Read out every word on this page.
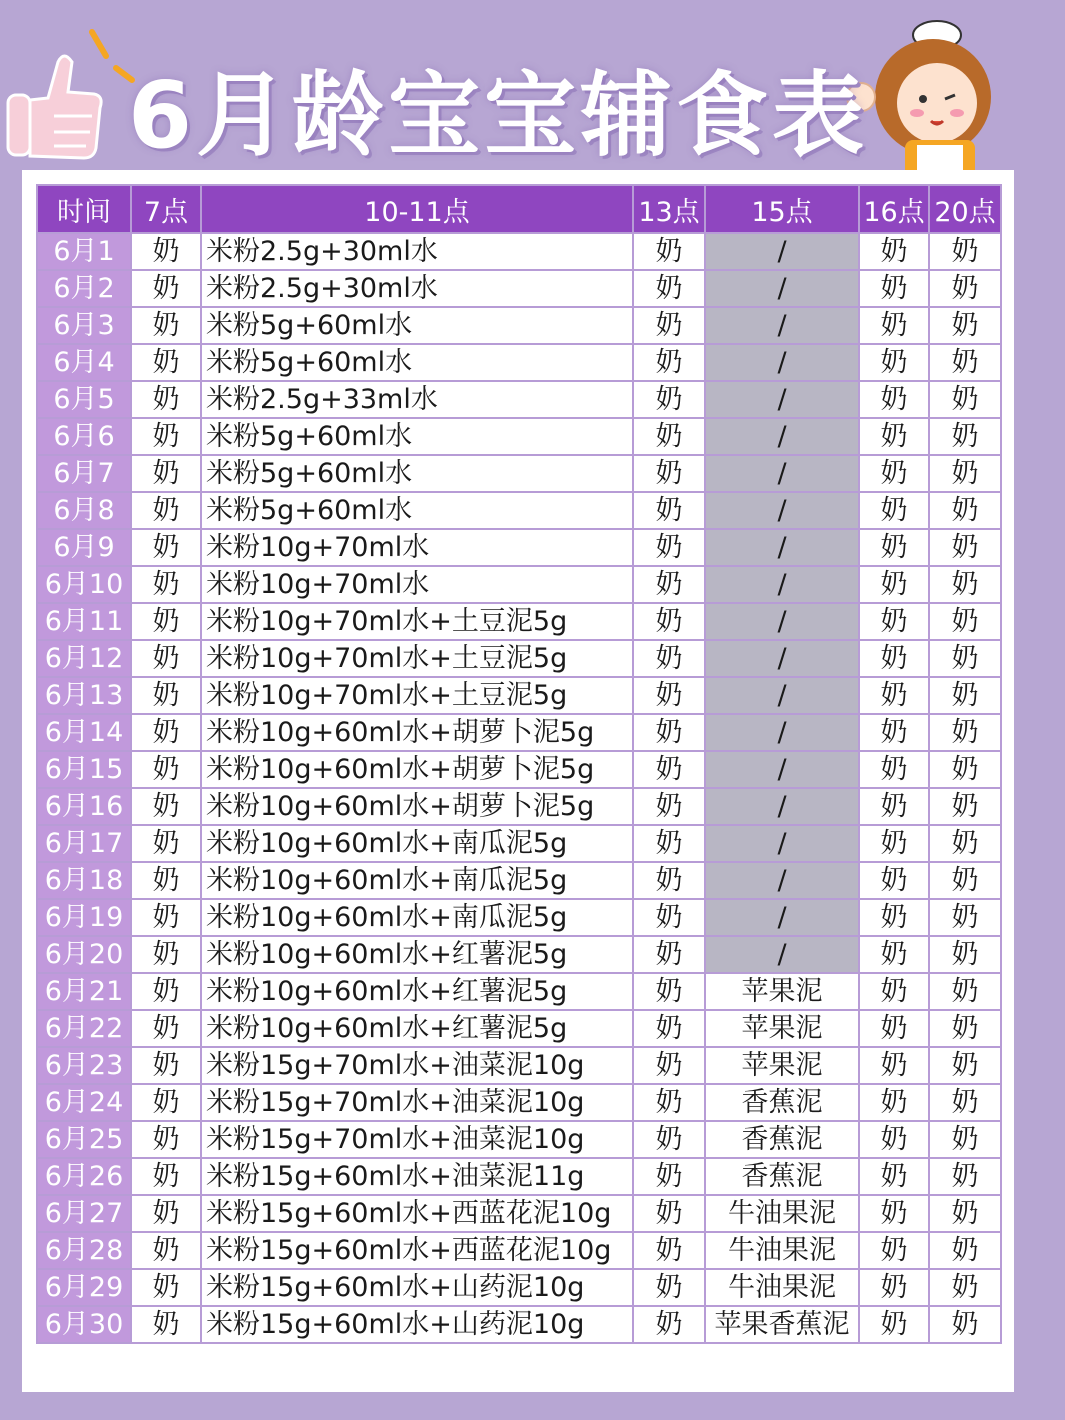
6月龄宝宝辅食表
时间	7点	10-11点	13点	15点	16点	20点
6月1	奶	米粉2.5g+30ml水	奶	/	奶	奶
6月2	奶	米粉2.5g+30ml水	奶	/	奶	奶
6月3	奶	米粉5g+60ml水	奶	/	奶	奶
6月4	奶	米粉5g+60ml水	奶	/	奶	奶
6月5	奶	米粉2.5g+33ml水	奶	/	奶	奶
6月6	奶	米粉5g+60ml水	奶	/	奶	奶
6月7	奶	米粉5g+60ml水	奶	/	奶	奶
6月8	奶	米粉5g+60ml水	奶	/	奶	奶
6月9	奶	米粉10g+70ml水	奶	/	奶	奶
6月10	奶	米粉10g+70ml水	奶	/	奶	奶
6月11	奶	米粉10g+70ml水+土豆泥5g	奶	/	奶	奶
6月12	奶	米粉10g+70ml水+土豆泥5g	奶	/	奶	奶
6月13	奶	米粉10g+70ml水+土豆泥5g	奶	/	奶	奶
6月14	奶	米粉10g+60ml水+胡萝卜泥5g	奶	/	奶	奶
6月15	奶	米粉10g+60ml水+胡萝卜泥5g	奶	/	奶	奶
6月16	奶	米粉10g+60ml水+胡萝卜泥5g	奶	/	奶	奶
6月17	奶	米粉10g+60ml水+南瓜泥5g	奶	/	奶	奶
6月18	奶	米粉10g+60ml水+南瓜泥5g	奶	/	奶	奶
6月19	奶	米粉10g+60ml水+南瓜泥5g	奶	/	奶	奶
6月20	奶	米粉10g+60ml水+红薯泥5g	奶	/	奶	奶
6月21	奶	米粉10g+60ml水+红薯泥5g	奶	苹果泥	奶	奶
6月22	奶	米粉10g+60ml水+红薯泥5g	奶	苹果泥	奶	奶
6月23	奶	米粉15g+70ml水+油菜泥10g	奶	苹果泥	奶	奶
6月24	奶	米粉15g+70ml水+油菜泥10g	奶	香蕉泥	奶	奶
6月25	奶	米粉15g+70ml水+油菜泥10g	奶	香蕉泥	奶	奶
6月26	奶	米粉15g+60ml水+油菜泥11g	奶	香蕉泥	奶	奶
6月27	奶	米粉15g+60ml水+西蓝花泥10g	奶	牛油果泥	奶	奶
6月28	奶	米粉15g+60ml水+西蓝花泥10g	奶	牛油果泥	奶	奶
6月29	奶	米粉15g+60ml水+山药泥10g	奶	牛油果泥	奶	奶
6月30	奶	米粉15g+60ml水+山药泥10g	奶	苹果香蕉泥	奶	奶
